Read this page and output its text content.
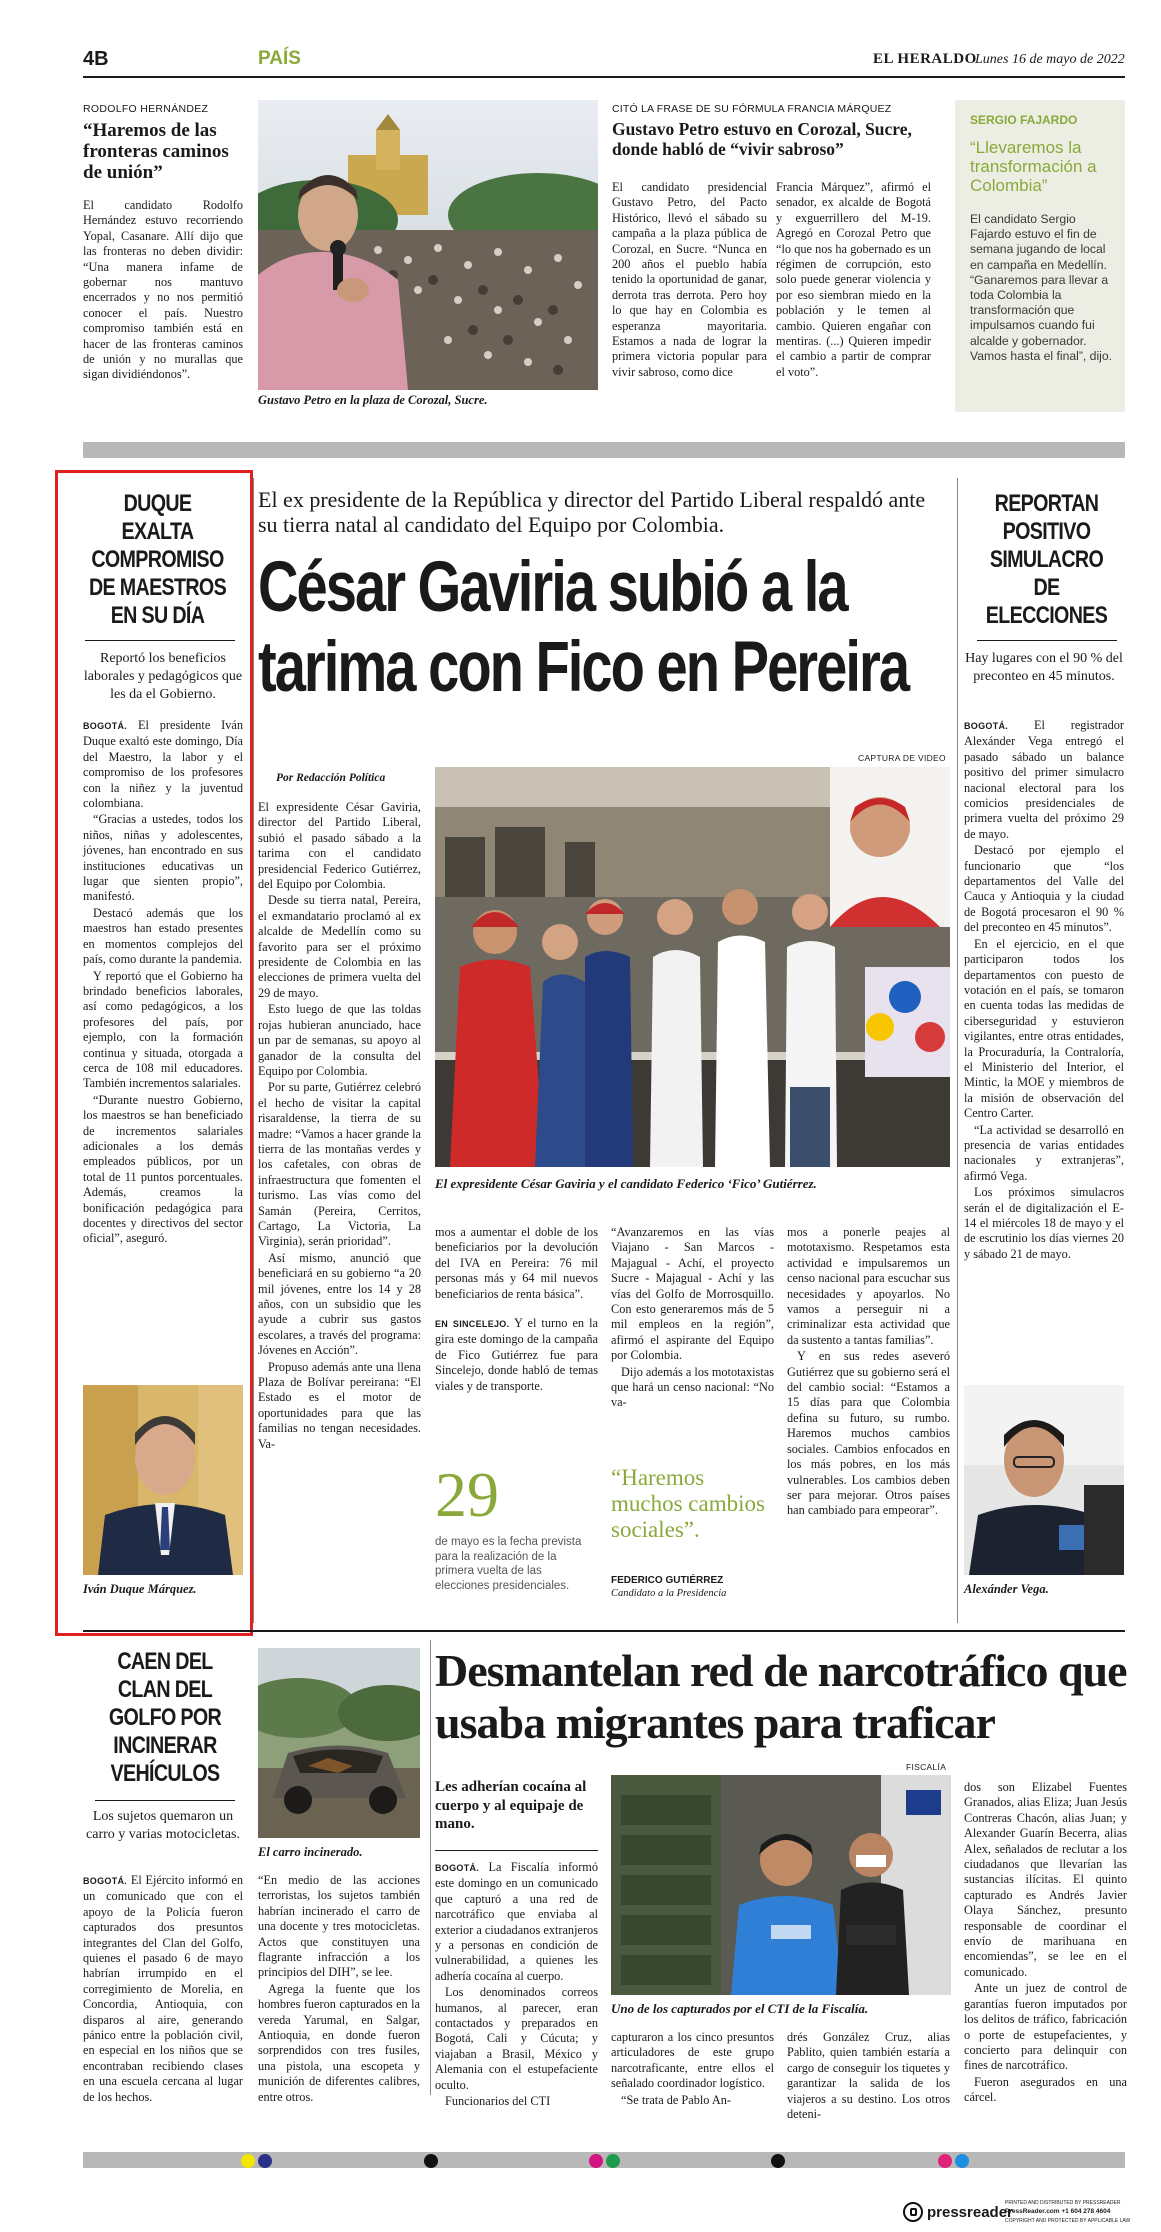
4B	PAÍS	EL HERALDO
Lunes 16 de mayo de 2022
RODOLFO HERNÁNDEZ
“Haremos de las fronteras caminos de unión”
El candidato Rodolfo Hernández estuvo recorriendo Yopal, Casanare. Allí dijo que las fronteras no deben dividir: “Una manera infame de gobernar nos mantuvo encerrados y no nos permitió conocer el país. Nuestro compromiso también está en hacer de las fronteras caminos de unión y no murallas que sigan dividiéndonos”.
Gustavo Petro en la plaza de Corozal, Sucre.
CITÓ LA FRASE DE SU FÓRMULA FRANCIA MÁRQUEZ
Gustavo Petro estuvo en Corozal, Sucre, donde habló de “vivir sabroso”
El candidato presidencial Gustavo Petro, del Pacto Histórico, llevó el sábado su campaña a la plaza pública de Corozal, en Sucre. “Nunca en 200 años el pueblo había tenido la oportunidad de ganar, derrota tras derrota. Pero hoy lo que hay en Colombia es esperanza mayoritaria. Estamos a nada de lograr la primera victoria popular para vivir sabroso, como dice
Francia Márquez”, afirmó el senador, ex alcalde de Bogotá y exguerrillero del M-19. Agregó en Corozal Petro que “lo que nos ha gobernado es un régimen de corrupción, esto solo puede generar violencia y por eso siembran miedo en la población y le temen al cambio. Quieren engañar con mentiras. (...) Quieren impedir el cambio a partir de comprar el voto”.
SERGIO FAJARDO
“Llevaremos la transformación a Colombia”
El candidato Sergio Fajardo estuvo el fin de semana jugando de local en campaña en Medellín. “Ganaremos para llevar a toda Colombia la transformación que impulsamos cuando fui alcalde y gobernador. Vamos hasta el final”, dijo.
DUQUE EXALTA COMPROMISO DE MAESTROS EN SU DÍA
Reportó los beneficios laborales y pedagógicos que les da el Gobierno.

BOGOTÁ. El presidente Iván Duque exaltó este domingo, Día del Maestro, la labor y el compromiso de los profesores con la niñez y la juventud colombiana.

“Gracias a ustedes, todos los niños, niñas y adolescentes, jóvenes, han encontrado en sus instituciones educativas un lugar que sienten propio”, manifestó.

Destacó además que los maestros han estado presentes en momentos complejos del país, como durante la pandemia.

Y reportó que el Gobierno ha brindado beneficios laborales, así como pedagógicos, a los profesores del país, por ejemplo, con la formación continua y situada, otorgada a cerca de 108 mil educadores. También incrementos salariales.

“Durante nuestro Gobierno, los maestros se han beneficiado de incrementos salariales adicionales a los demás empleados públicos, por un total de 11 puntos porcentuales. Además, creamos la bonificación pedagógica para docentes y directivos del sector oficial”, aseguró.

Iván Duque Márquez.
El ex presidente de la República y director del Partido Liberal respaldó ante su tierra natal al candidato del Equipo por Colombia.
César Gaviria subió a la tarima con Fico en Pereira
Por Redacción Política
CAPTURA DE VIDEO
El expresidente César Gaviria y el candidato Federico ‘Fico’ Gutiérrez.

El expresidente César Gaviria, director del Partido Liberal, subió el pasado sábado a la tarima con el candidato presidencial Federico Gutiérrez, del Equipo por Colombia.

Desde su tierra natal, Pereira, el exmandatario proclamó al ex alcalde de Medellín como su favorito para ser el próximo presidente de Colombia en las elecciones de primera vuelta del 29 de mayo.

Esto luego de que las toldas rojas hubieran anunciado, hace un par de semanas, su apoyo al ganador de la consulta del Equipo por Colombia.

Por su parte, Gutiérrez celebró el hecho de visitar la capital risaraldense, la tierra de su madre: “Vamos a hacer grande la tierra de las montañas verdes y los cafetales, con obras de infraestructura que fomenten el turismo. Las vías como del Samán (Pereira, Cerritos, Cartago, La Victoria, La Virginia), serán prioridad”.

Así mismo, anunció que beneficiará en su gobierno “a 20 mil jóvenes, entre los 14 y 28 años, con un subsidio que les ayude a cubrir sus gastos escolares, a través del programa: Jóvenes en Acción”.

Propuso además ante una llena Plaza de Bolívar pereirana: “El Estado es el motor de oportunidades para que las familias no tengan necesidades. Va-

mos a aumentar el doble de los beneficiarios por la devolución del IVA en Pereira: 76 mil personas más y 64 mil nuevos beneficiarios de renta básica”.

EN SINCELEJO. Y el turno en la gira este domingo de la campaña de Fico Gutiérrez fue para Sincelejo, donde habló de temas viales y de transporte.

“Avanzaremos en las vías Viajano - San Marcos - Majagual - Achí, el proyecto Sucre - Majagual - Achí y las vías del Golfo de Morrosquillo. Con esto generaremos más de 5 mil empleos en la región”, afirmó el aspirante del Equipo por Colombia.

Dijo además a los mototaxistas que hará un censo nacional: “No va-

mos a ponerle peajes al mototaxismo. Respetamos esta actividad e impulsaremos un censo nacional para escuchar sus necesidades y apoyarlos. No vamos a perseguir ni a criminalizar esta actividad que da sustento a tantas familias”.

Y en sus redes aseveró Gutiérrez que su gobierno será el del cambio social: “Estamos a 15 días para que Colombia defina su futuro, su rumbo. Haremos muchos cambios sociales. Cambios enfocados en los más pobres, en los más vulnerables. Los cambios deben ser para mejorar. Otros países han cambiado para empeorar”.

29
de mayo es la fecha prevista para la realización de la primera vuelta de las elecciones presidenciales.
“Haremos muchos cambios sociales”.
FEDERICO GUTIÉRREZ
Candidato a la Presidencia
REPORTAN POSITIVO SIMULACRO DE ELECCIONES
Hay lugares con el 90 % del preconteo en 45 minutos.

BOGOTÁ. El registrador Alexánder Vega entregó el pasado sábado un balance positivo del primer simulacro nacional electoral para los comicios presidenciales de primera vuelta del próximo 29 de mayo.

Destacó por ejemplo el funcionario que “los departamentos del Valle del Cauca y Antioquia y la ciudad de Bogotá procesaron el 90 % del preconteo en 45 minutos”.

En el ejercicio, en el que participaron todos los departamentos con puesto de votación en el país, se tomaron en cuenta todas las medidas de ciberseguridad y estuvieron vigilantes, entre otras entidades, la Procuraduría, la Contraloría, el Ministerio del Interior, el Mintic, la MOE y miembros de la misión de observación del Centro Carter.

“La actividad se desarrolló en presencia de varias entidades nacionales y extranjeras”, afirmó Vega.

Los próximos simulacros serán el de digitalización el E-14 el miércoles 18 de mayo y el de escrutinio los días viernes 20 y sábado 21 de mayo.

Alexánder Vega.
CAEN DEL CLAN DEL GOLFO POR INCINERAR VEHÍCULOS
Los sujetos quemaron un carro y varias motocicletas.

BOGOTÁ. El Ejército informó en un comunicado que con el apoyo de la Policía fueron capturados dos presuntos integrantes del Clan del Golfo, quienes el pasado 6 de mayo habrían irrumpido en el corregimiento de Morelia, en Concordia, Antioquia, con disparos al aire, generando pánico entre la población civil, en especial en los niños que se encontraban recibiendo clases en una escuela cercana al lugar de los hechos.

El carro incinerado.

“En medio de las acciones terroristas, los sujetos también habrían incinerado el carro de una docente y tres motocicletas. Actos que constituyen una flagrante infracción a los principios del DIH”, se lee.

Agrega la fuente que los hombres fueron capturados en la vereda Yarumal, en Salgar, Antioquia, en donde fueron sorprendidos con tres fusiles, una pistola, una escopeta y munición de diferentes calibres, entre otros.

Desmantelan red de narcotráfico que usaba migrantes para traficar
Les adherían cocaína al cuerpo y al equipaje de mano.

BOGOTÁ. La Fiscalía informó este domingo en un comunicado que capturó a una red de narcotráfico que enviaba al exterior a ciudadanos extranjeros y a personas en condición de vulnerabilidad, a quienes les adhería cocaína al cuerpo.

Los denominados correos humanos, al parecer, eran contactados y preparados en Bogotá, Cali y Cúcuta; y viajaban a Brasil, México y Alemania con el estupefaciente oculto.

Funcionarios del CTI

FISCALÍA
Uno de los capturados por el CTI de la Fiscalía.

capturaron a los cinco presuntos articuladores de este grupo narcotraficante, entre ellos el señalado coordinador logístico.

“Se trata de Pablo An-

drés González Cruz, alias Pablito, quien también estaría a cargo de conseguir los tiquetes y garantizar la salida de los viajeros a su destino. Los otros deteni-

dos son Elizabel Fuentes Granados, alias Eliza; Juan Jesús Contreras Chacón, alias Juan; y Alexander Guarín Becerra, alias Alex, señalados de reclutar a los ciudadanos que llevarían las sustancias ilícitas. El quinto capturado es Andrés Javier Olaya Sánchez, presunto responsable de coordinar el envío de marihuana en encomiendas”, se lee en el comunicado.

Ante un juez de control de garantías fueron imputados por los delitos de tráfico, fabricación o porte de estupefacientes, y concierto para delinquir con fines de narcotráfico.

Fueron asegurados en una cárcel.

pressreader
PRINTED AND DISTRIBUTED BY PRESSREADER
PressReader.com +1 604 278 4604
COPYRIGHT AND PROTECTED BY APPLICABLE LAW
